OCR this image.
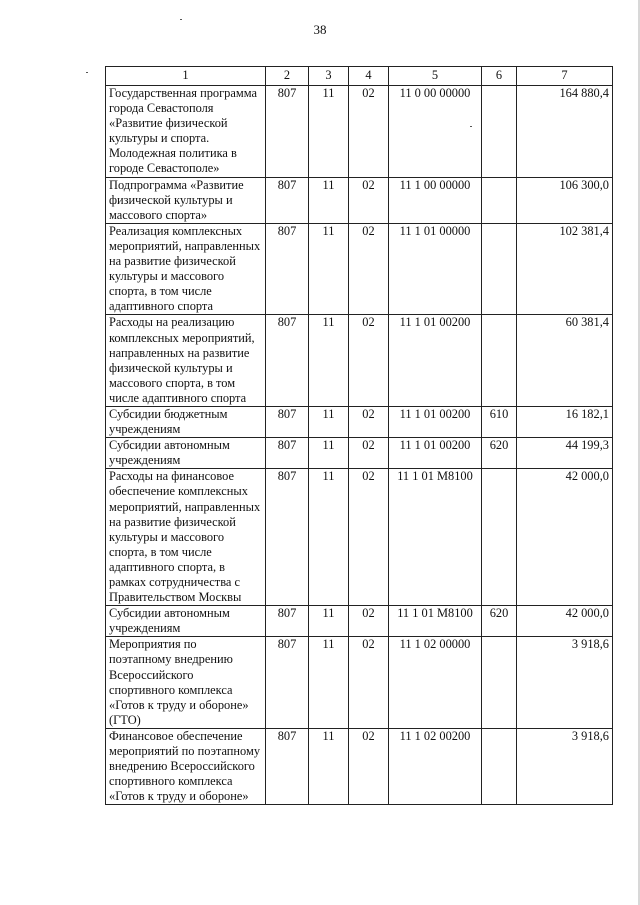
38
1	2	3	4	5	6	7
Государственная программа города Севастополя «Развитие физической культуры и спорта. Молодежная политика в городе Севастополе»	807	11	02	11 0 00 00000		164 880,4
Подпрограмма «Развитие физической культуры и массового спорта»	807	11	02	11 1 00 00000		106 300,0
Реализация комплексных мероприятий, направленных на развитие физической культуры и массового спорта, в том числе адаптивного спорта	807	11	02	11 1 01 00000		102 381,4
Расходы на реализацию комплексных мероприятий, направленных на развитие физической культуры и массового спорта, в том числе адаптивного спорта	807	11	02	11 1 01 00200		60 381,4
Субсидии бюджетным учреждениям	807	11	02	11 1 01 00200	610	16 182,1
Субсидии автономным учреждениям	807	11	02	11 1 01 00200	620	44 199,3
Расходы на финансовое обеспечение комплексных мероприятий, направленных на развитие физической культуры и массового спорта, в том числе адаптивного спорта, в рамках сотрудничества с Правительством Москвы	807	11	02	11 1 01 M8100		42 000,0
Субсидии автономным учреждениям	807	11	02	11 1 01 M8100	620	42 000,0
Мероприятия по поэтапному внедрению Всероссийского спортивного комплекса «Готов к труду и обороне» (ГТО)	807	11	02	11 1 02 00000		3 918,6
Финансовое обеспечение мероприятий по поэтапному внедрению Всероссийского спортивного комплекса «Готов к труду и обороне»	807	11	02	11 1 02 00200		3 918,6
